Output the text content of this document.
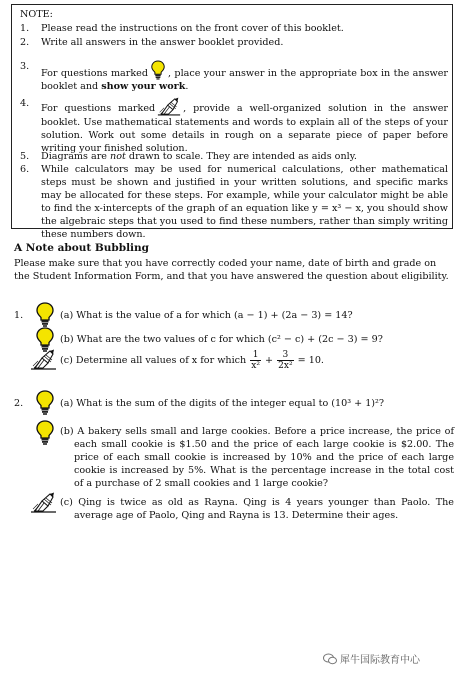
NOTE:
1. Please read the instructions on the front cover of this booklet.
2. Write all answers in the answer booklet provided.
3.
For questions marked , place your answer in the appropriate box in the answer booklet and show your work.
4. For questions marked	, provide a well-organized solution in the answer booklet. Use mathematical statements and words to explain all of the steps of your solution. Work out some details in rough on a separate piece of paper before writing your finished solution.
5. Diagrams are not drawn to scale. They are intended as aids only.
6. While calculators may be used for numerical calculations, other mathematical steps must be shown and justified in your written solutions, and specific marks may be allocated for these steps. For example, while your calculator might be able to find the x-intercepts of the graph of an equation like y = x³ − x, you should show the algebraic steps that you used to find these numbers, rather than simply writing these numbers down.
A Note about Bubbling
Please make sure that you have correctly coded your name, date of birth and grade on the Student Information Form, and that you have answered the question about eligibility.
1.	(a) What is the value of a for which (a − 1) + (2a − 3) = 14?
(b) What are the two values of c for which (c² − c) + (2c − 3) = 9?
(c) Determine all values of x for which $\frac{1}{\text{x²}} + \frac{3}{\text{2x²}} = 10$.
2.	(a) What is the sum of the digits of the integer equal to (10³ + 1)²?
(b) A bakery sells small and large cookies. Before a price increase, the price of each small cookie is $1.50 and the price of each large cookie is $2.00. The price of each small cookie is increased by 10% and the price of each large cookie is increased by 5%. What is the percentage increase in the total cost of a purchase of 2 small cookies and 1 large cookie?
(c) Qing is twice as old as Rayna. Qing is 4 years younger than Paolo. The average age of Paolo, Qing and Rayna is 13. Determine their ages.
犀牛国际教育中心
